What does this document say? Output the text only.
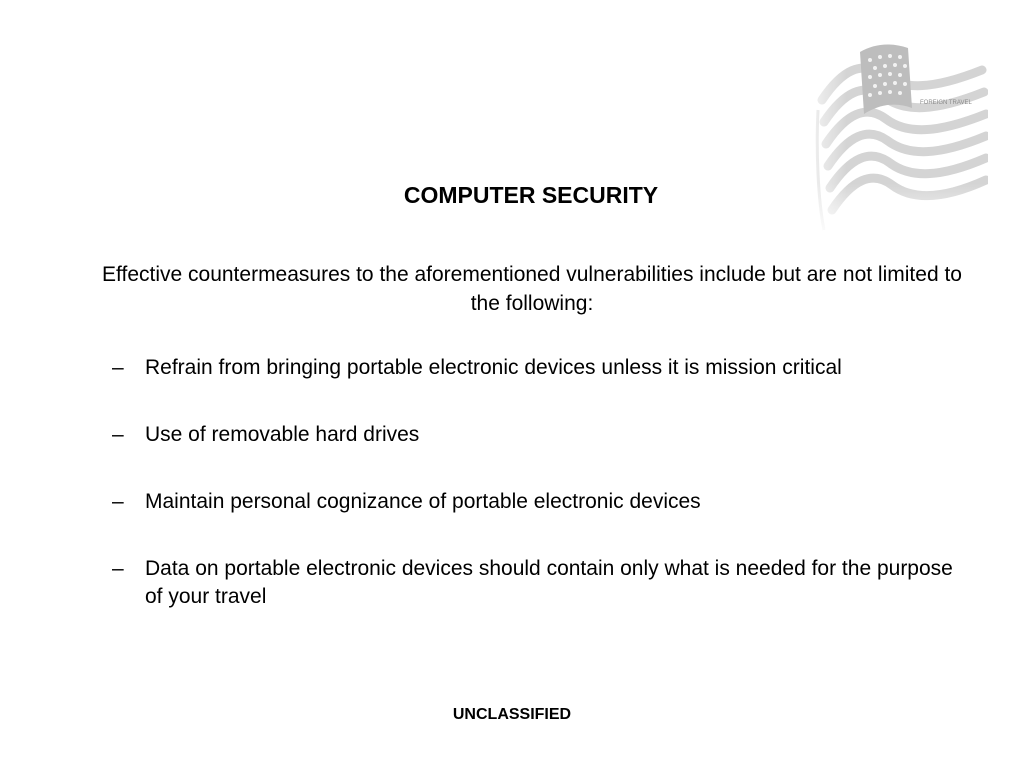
FOREIGN TRAVEL
COMPUTER SECURITY
Effective countermeasures to the aforementioned vulnerabilities include but are not limited to the following:
– Refrain from bringing portable electronic devices unless it is mission critical
– Use of removable hard drives
– Maintain personal cognizance of portable electronic devices
– Data on portable electronic devices should contain only what is needed for the purpose of your travel
UNCLASSIFIED
